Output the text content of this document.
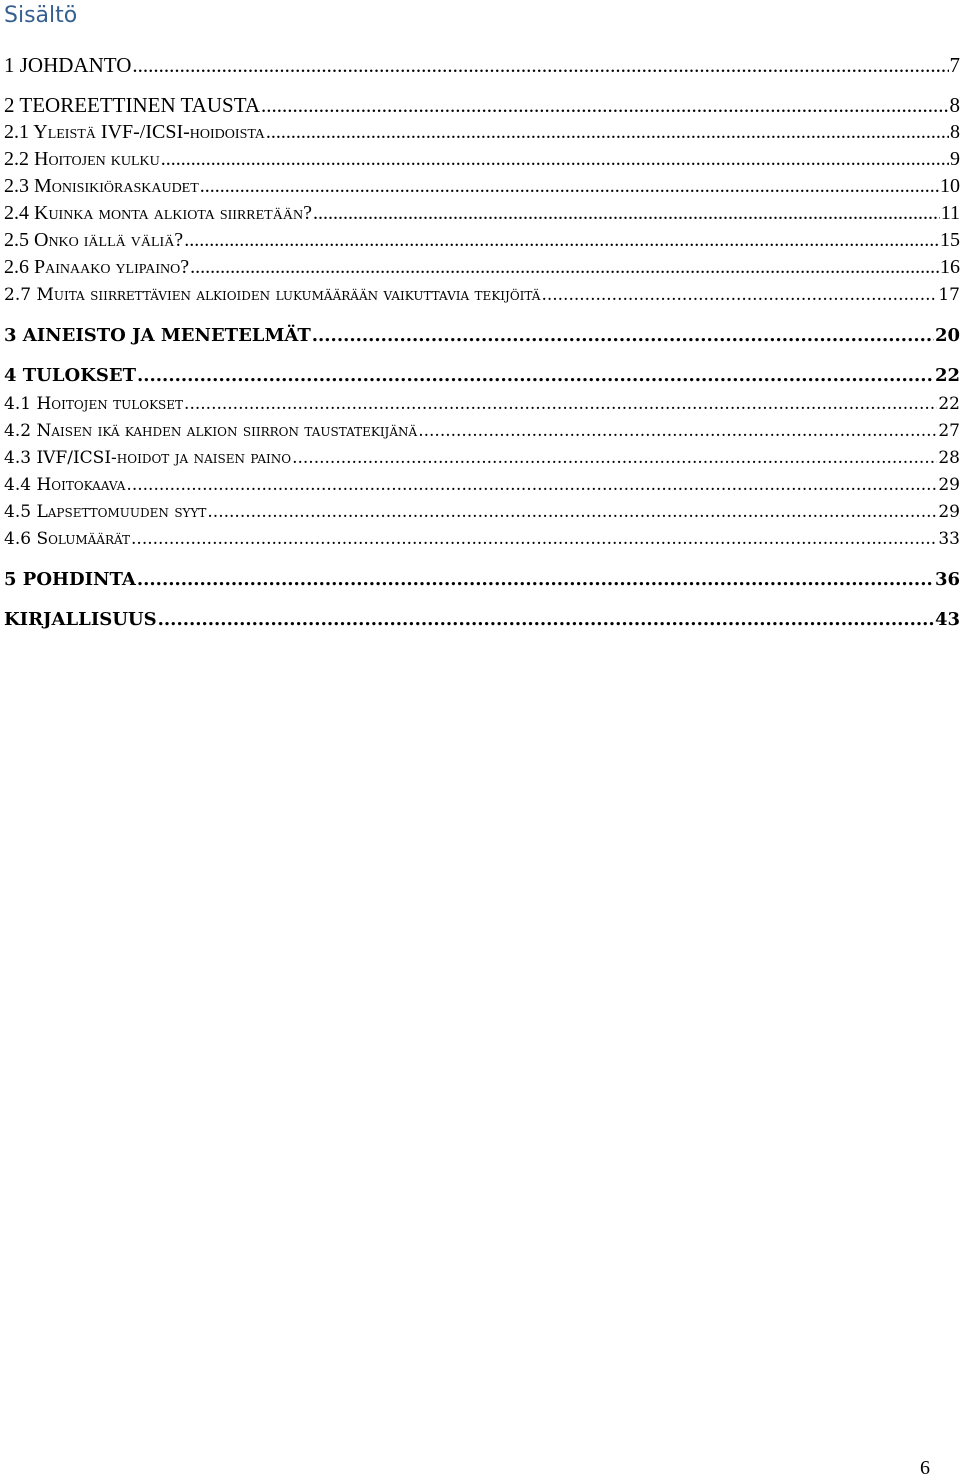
Sisältö
1 JOHDANTO .....	7
2 TEOREETTINEN TAUSTA .....	8
2.1 Yleistä IVF-/ICSI-hoidoista .....	8
2.2 Hoitojen kulku .....	9
2.3 Monisikiöraskaudet .....	10
2.4 Kuinka monta alkiota siirretään? .....	11
2.5 Onko iällä väliä? .....	15
2.6 Painaako ylipaino? .....	16
2.7 Muita siirrettävien alkioiden lukumäärään vaikuttavia tekijöitä .....	17
3 AINEISTO JA MENETELMÄT .....	20
4 TULOKSET .....	22
4.1 Hoitojen tulokset .....	22
4.2 Naisen ikä kahden alkion siirron taustatekijänä .....	27
4.3 IVF/ICSI-hoidot ja naisen paino .....	28
4.4 Hoitokaava .....	29
4.5 Lapsettomuuden syyt .....	29
4.6 Solumäärät .....	33
5 POHDINTA .....	36
KIRJALLISUUS .....	43
6
